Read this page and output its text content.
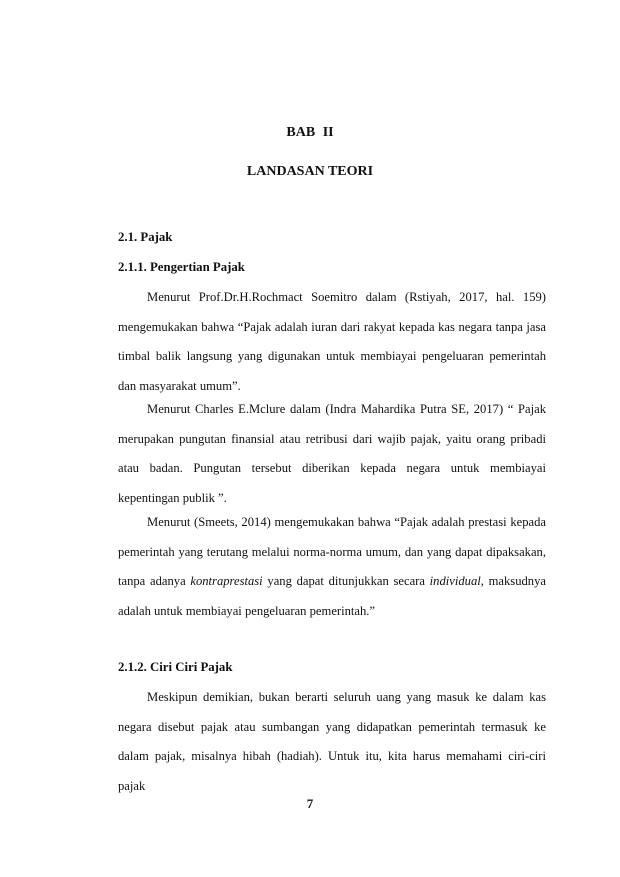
BAB II
LANDASAN TEORI
2.1. Pajak
2.1.1. Pengertian Pajak

Menurut Prof.Dr.H.Rochmact Soemitro dalam (Rstiyah, 2017, hal. 159) mengemukakan bahwa “Pajak adalah iuran dari rakyat kepada kas negara tanpa jasa timbal balik langsung yang digunakan untuk membiayai pengeluaran pemerintah dan masyarakat umum”.

Menurut Charles E.Mclure dalam (Indra Mahardika Putra SE, 2017) “ Pajak merupakan pungutan finansial atau retribusi dari wajib pajak, yaitu orang pribadi atau badan. Pungutan tersebut diberikan kepada negara untuk membiayai kepentingan publik ”.

Menurut (Smeets, 2014) mengemukakan bahwa “Pajak adalah prestasi kepada pemerintah yang terutang melalui norma-norma umum, dan yang dapat dipaksakan, tanpa adanya kontraprestasi yang dapat ditunjukkan secara individual, maksudnya adalah untuk membiayai pengeluaran pemerintah.”

2.1.2. Ciri Ciri Pajak

Meskipun demikian, bukan berarti seluruh uang yang masuk ke dalam kas negara disebut pajak atau sumbangan yang didapatkan pemerintah termasuk ke dalam pajak, misalnya hibah (hadiah). Untuk itu, kita harus memahami ciri-ciri pajak

7
